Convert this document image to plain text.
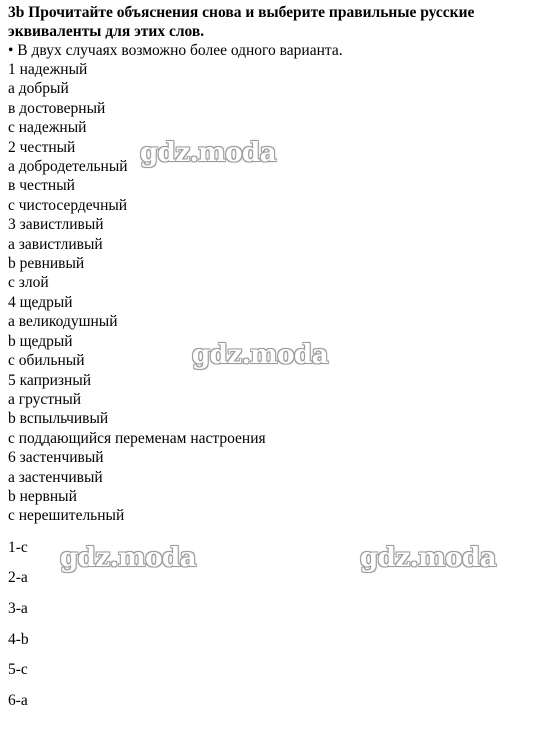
3b Прочитайте объяснения снова и выберите правильные русские эквиваленты для этих слов.

• В двух случаях возможно более одного варианта.

1 надежный
a добрый
в достоверный
с надежный
2 честный
a добродетельный
в честный
с чистосердечный
3 завистливый
a завистливый
b ревнивый
c злой
4 щедрый
a великодушный
b щедрый
c обильный
5 капризный
a грустный
b вспыльчивый
c поддающийся переменам настроения
6 застенчивый
a застенчивый
b нервный
c нерешительный
1-c
2-a
3-a
4-b
5-c
6-a
gdz.moda
gdz.moda
gdz.moda	gdz.moda
